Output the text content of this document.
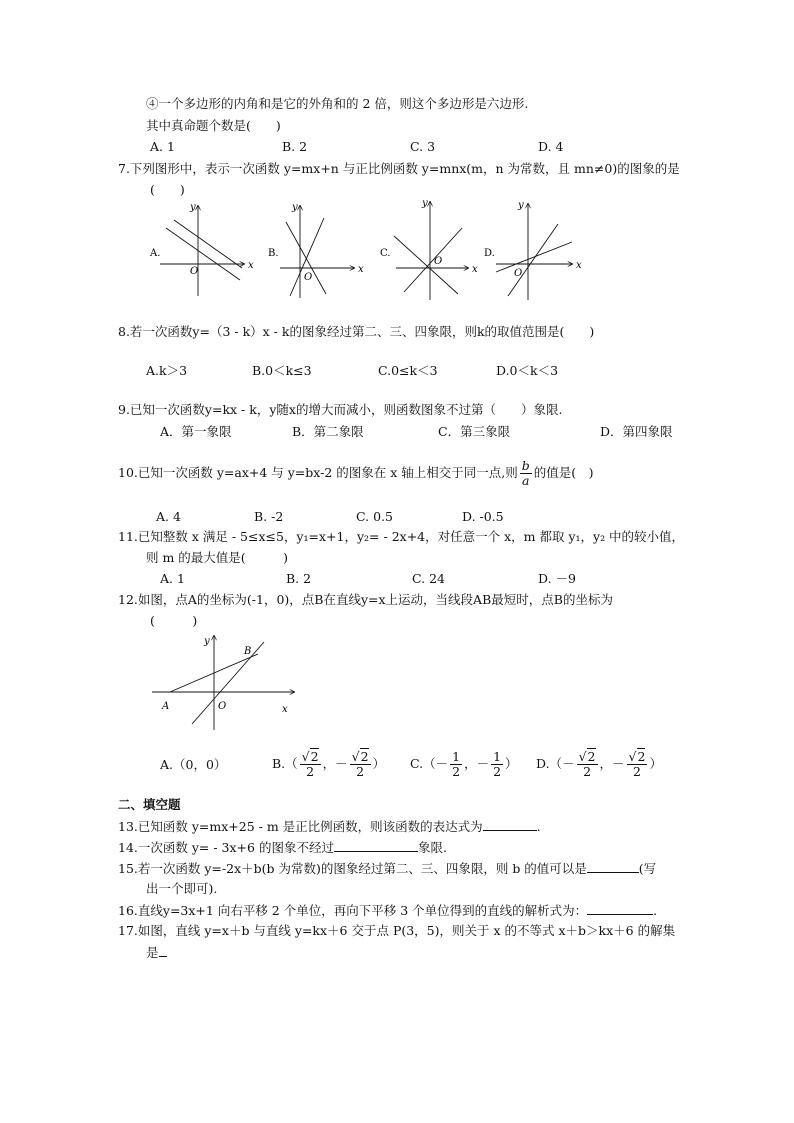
④一个多边形的内角和是它的外角和的 2 倍，则这个多边形是六边形.
其中真命题个数是(　　)
A. 1	B. 2	C. 3	D. 4
7.下列图形中，表示一次函数 y=mx+n 与正比例函数 y=mnx(m，n 为常数，且 mn≠0)的图象的是
(　　)
A.
x
y
O
B.
x
y
O
C.
x
y
O
D.
x
y
O
8.若一次函数y=（3 - k）x - k的图象经过第二、三、四象限，则k的取值范围是(　　)
A.k＞3	B.0＜k≤3	C.0≤k＜3	D.0＜k＜3
9.已知一次函数y=kx - k，y随x的增大而减小，则函数图象不过第（　　）象限.
A．第一象限	B．第二象限	C．第三象限	D．第四象限
10.已知一次函数 y=ax+4 与 y=bx-2 的图象在 x 轴上相交于同一点,则 $\frac{b}{a}$ 的值是(　)
A. 4	B. -2	C. 0.5	D. -0.5
11.已知整数 x 满足 - 5≤x≤5，y₁=x+1，y₂= - 2x+4，对任意一个 x，m 都取 y₁，y₂ 中的较小值，
则 m 的最大值是(　　　)
A. 1	B. 2	C. 24	D. －9
12.如图，点A的坐标为(-1，0)，点B在直线y=x上运动，当线段AB最短时，点B的坐标为
(　　　)
y
x
O
A
B
A.（0，0）	$B.( \frac{√2}{2}$ ，－ $\frac{√2}{2}$ ） $C.(- \frac{1}{2}$ ，－ $\frac{1}{2}$ ） $D.(- \frac{√2}{2}$ ，－ $\frac{√2}{2}$ ）
二、填空题
13.已知函数 y=mx+25 - m 是正比例函数，则该函数的表达式为	.
14.一次函数 y= - 3x+6 的图象不经过	象限.
15.若一次函数 y=-2x＋b(b 为常数)的图象经过第二、三、四象限，则 b 的值可以是	(写
出一个即可).
16.直线y=3x+1 向右平移 2 个单位，再向下平移 3 个单位得到的直线的解析式为：	.
17.如图，直线 y=x＋b 与直线 y=kx＋6 交于点 P(3，5)，则关于 x 的不等式 x＋b＞kx＋6 的解集
是
